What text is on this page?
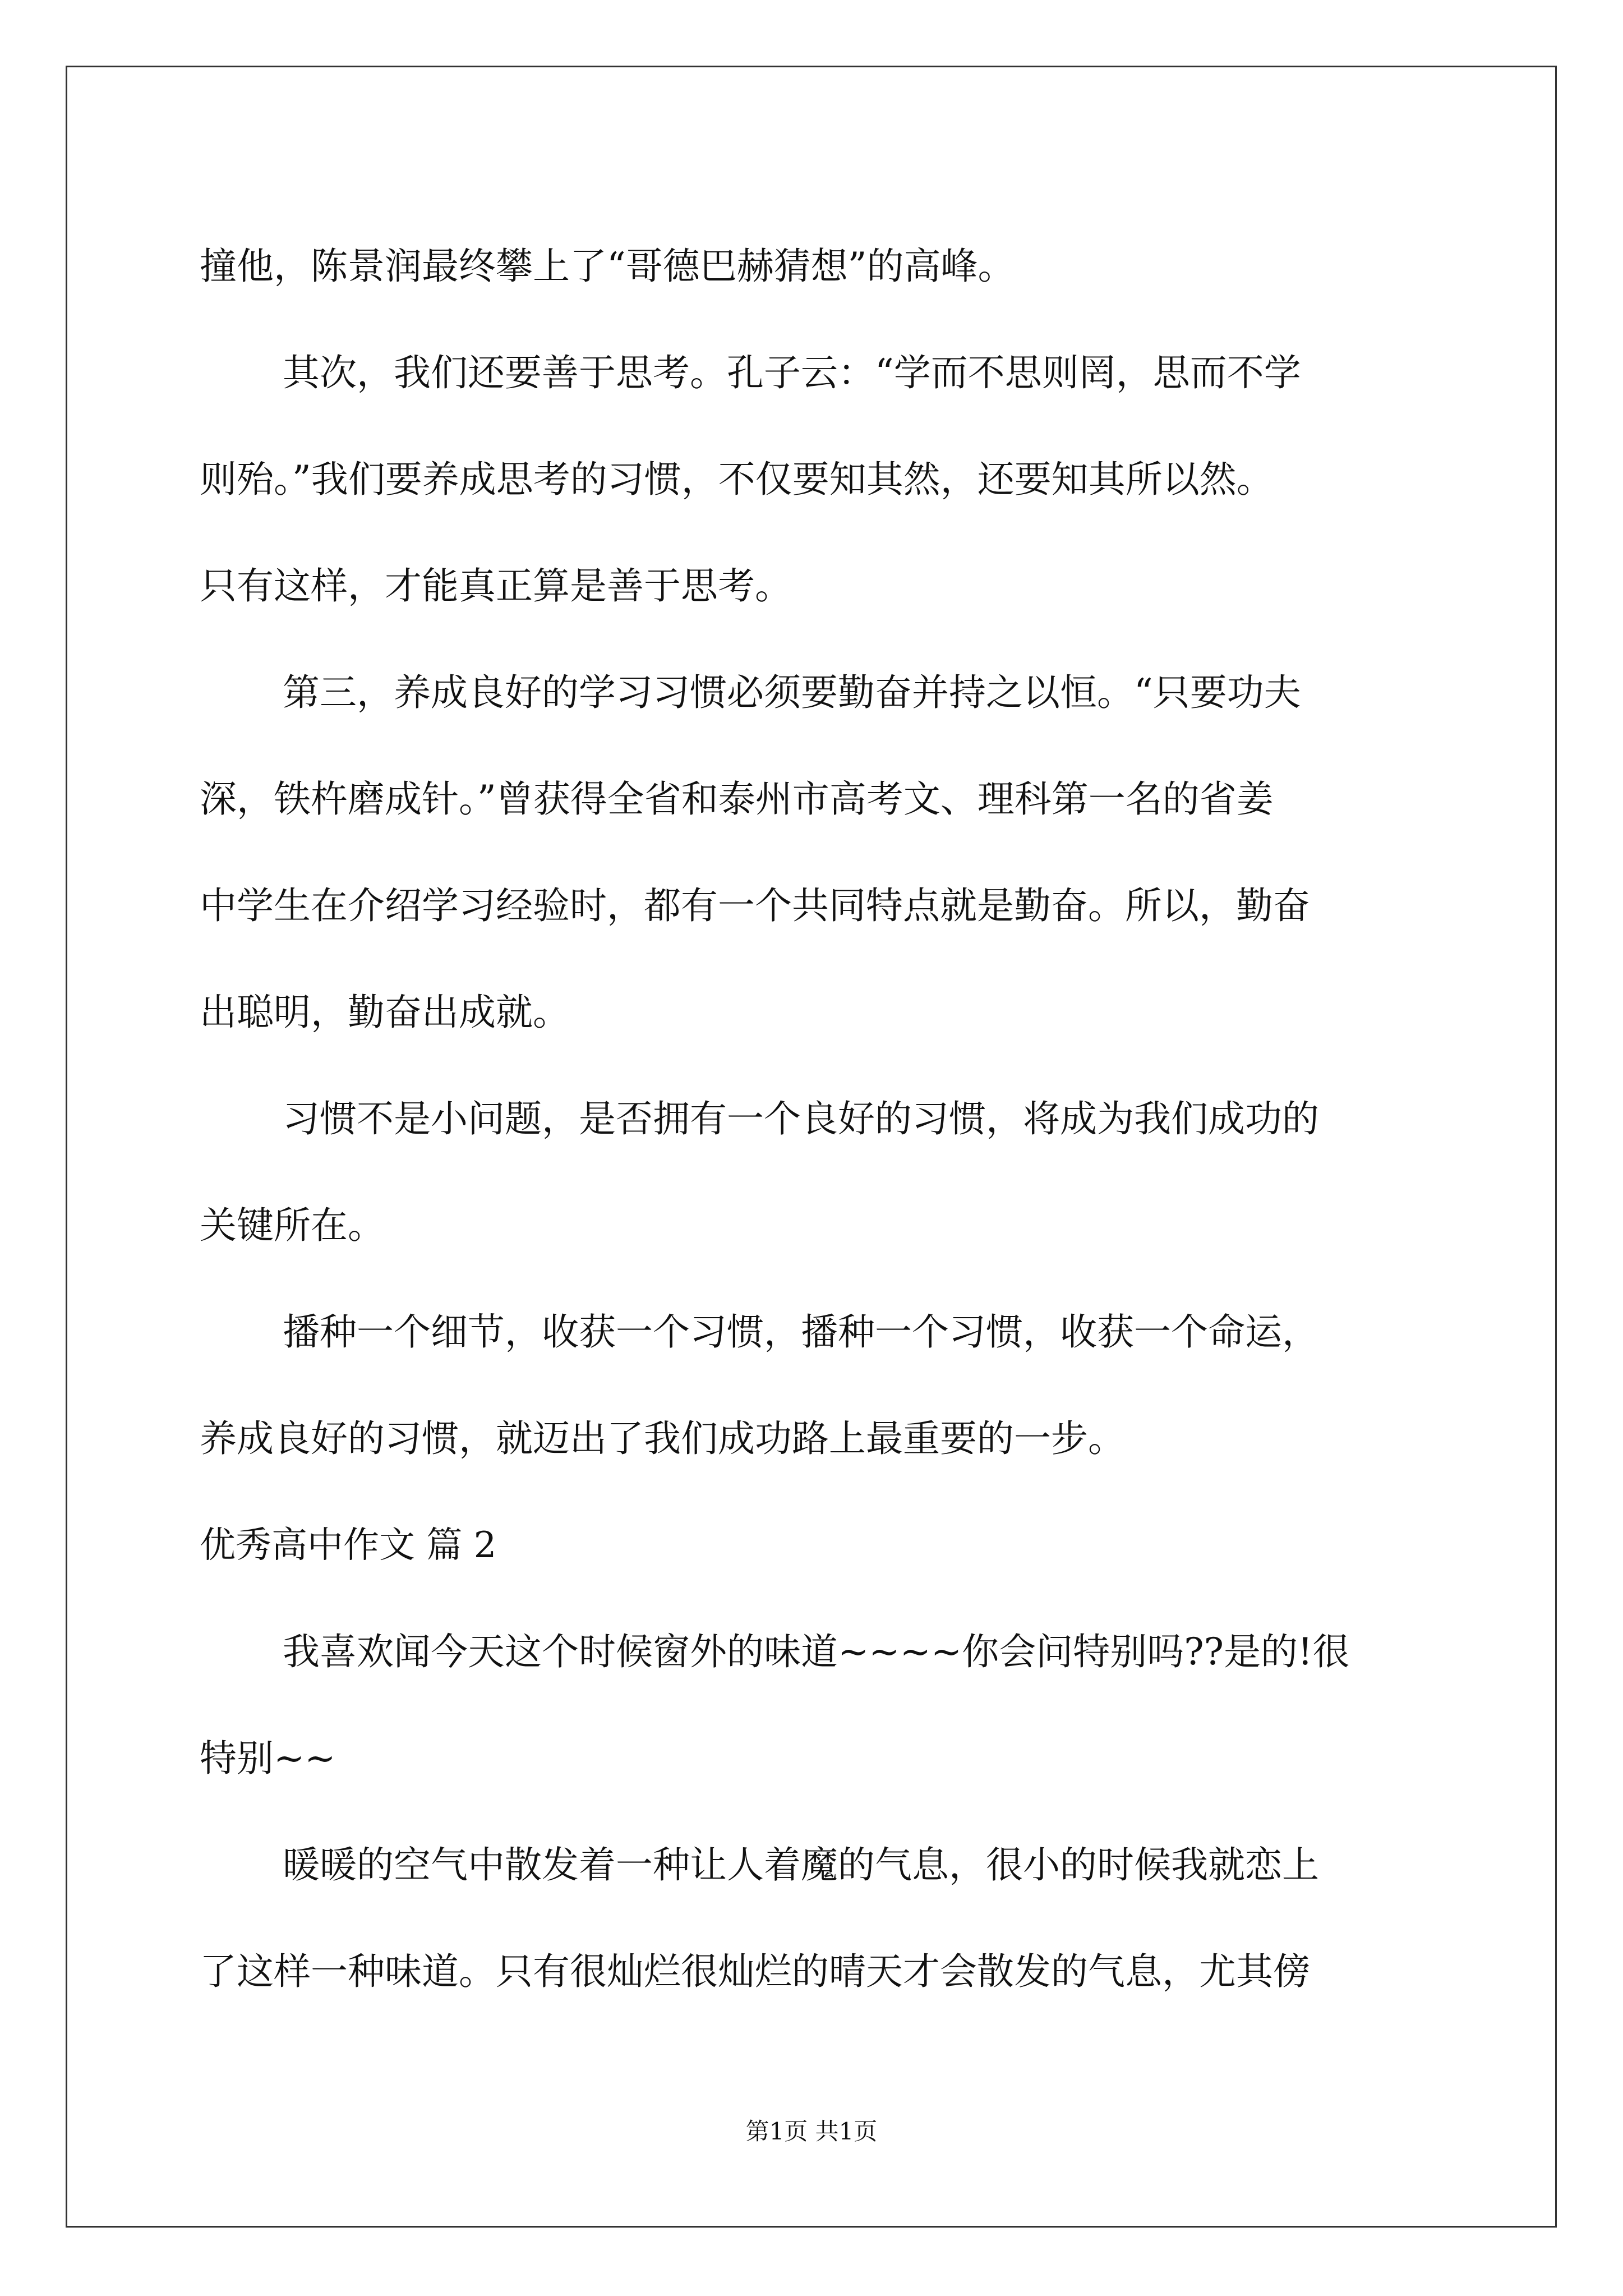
撞他，陈景润最终攀上了“哥德巴赫猜想”的高峰。
其次，我们还要善于思考。孔子云：“学而不思则罔，思而不学
则殆。”我们要养成思考的习惯，不仅要知其然，还要知其所以然。
只有这样，才能真正算是善于思考。
第三，养成良好的学习习惯必须要勤奋并持之以恒。“只要功夫
深，铁杵磨成针。”曾获得全省和泰州市高考文、理科第一名的省姜
中学生在介绍学习经验时，都有一个共同特点就是勤奋。所以，勤奋
出聪明，勤奋出成就。
习惯不是小问题，是否拥有一个良好的习惯，将成为我们成功的
关键所在。
播种一个细节，收获一个习惯，播种一个习惯，收获一个命运，
养成良好的习惯，就迈出了我们成功路上最重要的一步。
优秀高中作文 篇 2
我喜欢闻今天这个时候窗外的味道~~~~你会问特别吗??是的!很
特别~~
暖暖的空气中散发着一种让人着魔的气息，很小的时候我就恋上
了这样一种味道。只有很灿烂很灿烂的晴天才会散发的气息，尤其傍
第1页 共1页
